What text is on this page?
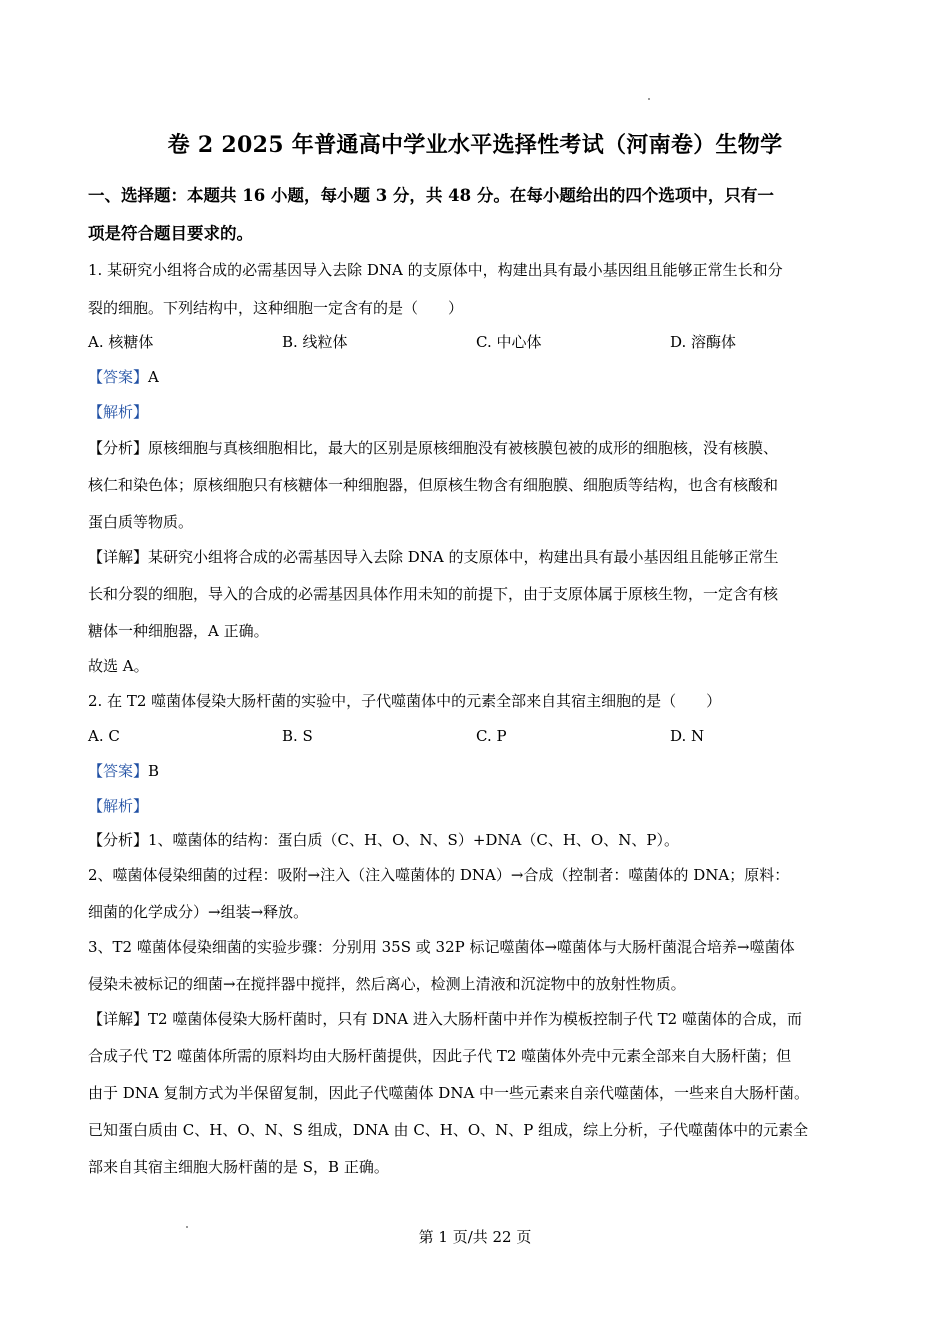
卷 2 2025 年普通高中学业水平选择性考试（河南卷）生物学
一、选择题：本题共 16 小题，每小题 3 分，共 48 分。在每小题给出的四个选项中，只有一
项是符合题目要求的。
1. 某研究小组将合成的必需基因导入去除 DNA 的支原体中，构建出具有最小基因组且能够正常生长和分
裂的细胞。下列结构中，这种细胞一定含有的是（　　）
A. 核糖体	B. 线粒体	C. 中心体	D. 溶酶体
【答案】A
【解析】
【分析】原核细胞与真核细胞相比，最大的区别是原核细胞没有被核膜包被的成形的细胞核，没有核膜、
核仁和染色体；原核细胞只有核糖体一种细胞器，但原核生物含有细胞膜、细胞质等结构，也含有核酸和
蛋白质等物质。
【详解】某研究小组将合成的必需基因导入去除 DNA 的支原体中，构建出具有最小基因组且能够正常生
长和分裂的细胞，导入的合成的必需基因具体作用未知的前提下，由于支原体属于原核生物，一定含有核
糖体一种细胞器，A 正确。
故选 A。
2. 在 T2 噬菌体侵染大肠杆菌的实验中，子代噬菌体中的元素全部来自其宿主细胞的是（　　）
A. C	B. S	C. P	D. N
【答案】B
【解析】
【分析】1、噬菌体的结构：蛋白质（C、H、O、N、S）+DNA（C、H、O、N、P）。
2、噬菌体侵染细菌的过程：吸附→注入（注入噬菌体的 DNA）→合成（控制者：噬菌体的 DNA；原料：
细菌的化学成分）→组装→释放。
3、T2 噬菌体侵染细菌的实验步骤：分别用 35S 或 32P 标记噬菌体→噬菌体与大肠杆菌混合培养→噬菌体
侵染未被标记的细菌→在搅拌器中搅拌，然后离心，检测上清液和沉淀物中的放射性物质。
【详解】T2 噬菌体侵染大肠杆菌时，只有 DNA 进入大肠杆菌中并作为模板控制子代 T2 噬菌体的合成，而
合成子代 T2 噬菌体所需的原料均由大肠杆菌提供，因此子代 T2 噬菌体外壳中元素全部来自大肠杆菌；但
由于 DNA 复制方式为半保留复制，因此子代噬菌体 DNA 中一些元素来自亲代噬菌体，一些来自大肠杆菌。
已知蛋白质由 C、H、O、N、S 组成，DNA 由 C、H、O、N、P 组成，综上分析，子代噬菌体中的元素全
部来自其宿主细胞大肠杆菌的是 S，B 正确。
第 1 页/共 22 页
